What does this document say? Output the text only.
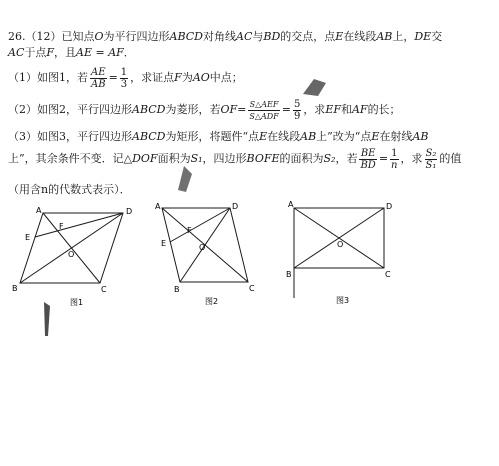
26.（12）已知点O为平行四边形ABCD对角线AC与BD的交点，点E在线段AB上，DE交
AC于点F，且AE = AF．
（1）如图1，若 $\frac{AE}{AB} = \frac{1}{3}$ ，求证点F为AO中点；
（2）如图2，平行四边形ABCD为菱形，若$OF= \frac{\text{S△AEF}}{\text{S△ADF}} = \frac{5}{9}$ ，求EF和AF的长；
（3）如图3，平行四边形ABCD为矩形，将题件“点E在线段AB上”改为“点E在射线AB
上”，其余条件不变．记△DOF面积为S₁，四边形BOFE的面积为S₂，若 $\frac{BE}{BD} = \frac{1}{n}$ ，求 $\frac{\text{S₂}}{\text{S₁}}$ 的值
（用含n的代数式表示）．
A	D
B	C
E
F
O
图1
A	D
B	C
E
F
O
图2
A	D
B	C
O
图3
